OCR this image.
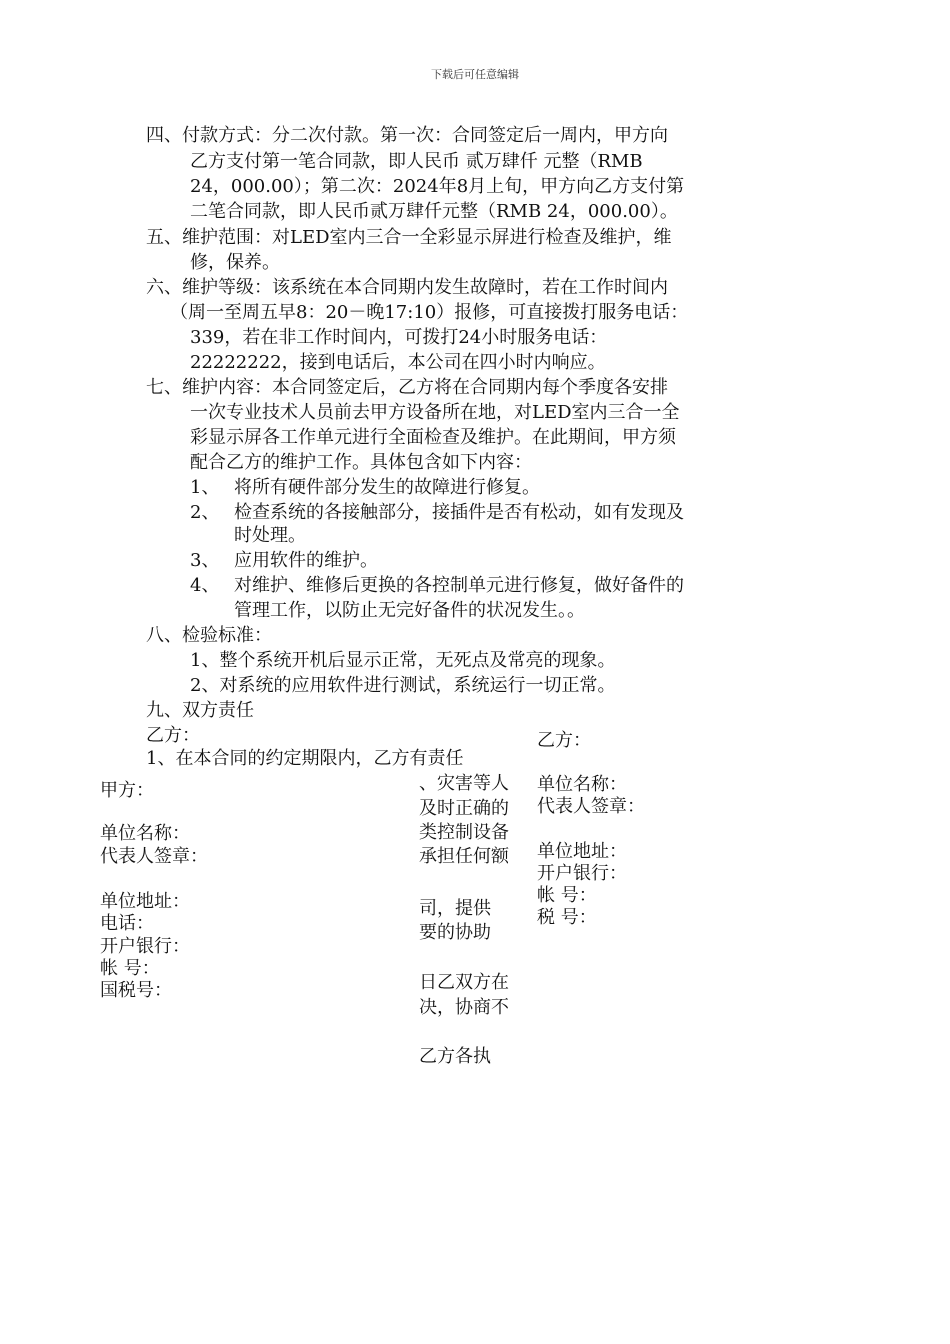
下载后可任意编辑
四、付款方式：分二次付款。第一次：合同签定后一周内，甲方向
乙方支付第一笔合同款，即人民币 贰万肆仟 元整（RMB
24，000.00）；第二次：2024年8月上旬，甲方向乙方支付第
二笔合同款，即人民币贰万肆仟元整（RMB 24，000.00）。
五、维护范围：对LED室内三合一全彩显示屏进行检查及维护，维
修，保养。
六、维护等级：该系统在本合同期内发生故障时，若在工作时间内
（周一至周五早8：20－晚17:10）报修，可直接拨打服务电话：
339，若在非工作时间内，可拨打24小时服务电话：
22222222，接到电话后，本公司在四小时内响应。
七、维护内容：本合同签定后，乙方将在合同期内每个季度各安排
一次专业技术人员前去甲方设备所在地，对LED室内三合一全
彩显示屏各工作单元进行全面检查及维护。在此期间，甲方须
配合乙方的维护工作。具体包含如下内容：
1、 将所有硬件部分发生的故障进行修复。
2、 检查系统的各接触部分，接插件是否有松动，如有发现及
时处理。
3、 应用软件的维护。
4、 对维护、维修后更换的各控制单元进行修复，做好备件的
管理工作，以防止无完好备件的状况发生。。
八、检验标准：
1、整个系统开机后显示正常，无死点及常亮的现象。
2、对系统的应用软件进行测试，系统运行一切正常。
九、双方责任
乙方：
1、在本合同的约定期限内，乙方有责任
、灾害等人
及时正确的
类控制设备
承担任何额
司，提供
要的协助
日乙双方在
决，协商不
乙方各执
甲方：
单位名称：
代表人签章：
单位地址：
电话：
开户银行：
帐 号：
国税号：
乙方：
单位名称：
代表人签章：
单位地址：
开户银行：
帐 号：
税 号：
